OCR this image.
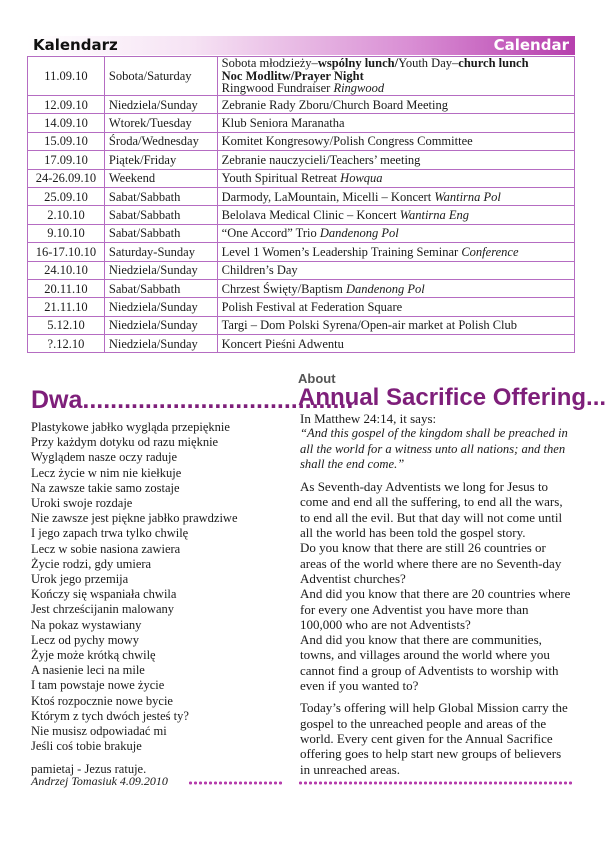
Kalendarz	Calendar
11.09.10	Sobota/Saturday	Sobota młodzieży–wspólny lunch/Youth Day–church lunch
Noc Modlitw/Prayer Night
Ringwood Fundraiser Ringwood
12.09.10	Niedziela/Sunday	Zebranie Rady Zboru/Church Board Meeting
14.09.10	Wtorek/Tuesday	Klub Seniora Maranatha
15.09.10	Środa/Wednesday	Komitet Kongresowy/Polish Congress Committee
17.09.10	Piątek/Friday	Zebranie nauczycieli/Teachers’ meeting
24-26.09.10	Weekend	Youth Spiritual Retreat Howqua
25.09.10	Sabat/Sabbath	Darmody, LaMountain, Micelli – Koncert Wantirna Pol
2.10.10	Sabat/Sabbath	Belolava Medical Clinic – Koncert Wantirna Eng
9.10.10	Sabat/Sabbath	“One Accord” Trio Dandenong Pol
16-17.10.10	Saturday-Sunday	Level 1 Women’s Leadership Training Seminar Conference
24.10.10	Niedziela/Sunday	Children’s Day
20.11.10	Sabat/Sabbath	Chrzest Święty/Baptism Dandenong Pol
21.11.10	Niedziela/Sunday	Polish Festival at Federation Square
5.12.10	Niedziela/Sunday	Targi – Dom Polski Syrena/Open-air market at Polish Club
?.12.10	Niedziela/Sunday	Koncert Pieśni Adwentu
Dwa.......................................
Plastykowe jabłko wygląda przepięknie
Przy każdym dotyku od razu mięknie
Wyglądem nasze oczy raduje
Lecz życie w nim nie kiełkuje
Na zawsze takie samo zostaje
Uroki swoje rozdaje
Nie zawsze jest piękne jabłko prawdziwe
I jego zapach trwa tylko chwilę
Lecz w sobie nasiona zawiera
Życie rodzi, gdy umiera
Urok jego przemija
Kończy się wspaniała chwila
Jest chrześcijanin malowany
Na pokaz wystawiany
Lecz od pychy mowy
Żyje może krótką chwilę
A nasienie leci na mile
I tam powstaje nowe życie
Ktoś rozpocznie nowe bycie
Którym z tych dwóch jesteś ty?
Nie musisz odpowiadać mi
Jeśli coś tobie brakuje
pamietaj - Jezus ratuje.
Andrzej Tomasiuk 4.09.2010
About
Annual Sacrifice Offering...

In Matthew 24:14, it says:

“And this gospel of the kingdom shall be preached in all the world for a witness unto all nations; and then shall the end come.”

As Seventh-day Adventists we long for Jesus to come and end all the suffering, to end all the wars, to end all the evil. But that day will not come until all the world has been told the gospel story.

Do you know that there are still 26 countries or areas of the world where there are no Seventh-day Adventist churches?

And did you know that there are 20 countries where for every one Adventist you have more than 100,000 who are not Adventists?

And did you know that there are communities, towns, and villages around the world where you cannot find a group of Adventists to worship with even if you wanted to?

Today’s offering will help Global Mission carry the gospel to the unreached people and areas of the world. Every cent given for the Annual Sacrifice offering goes to help start new groups of believers in unreached areas.
